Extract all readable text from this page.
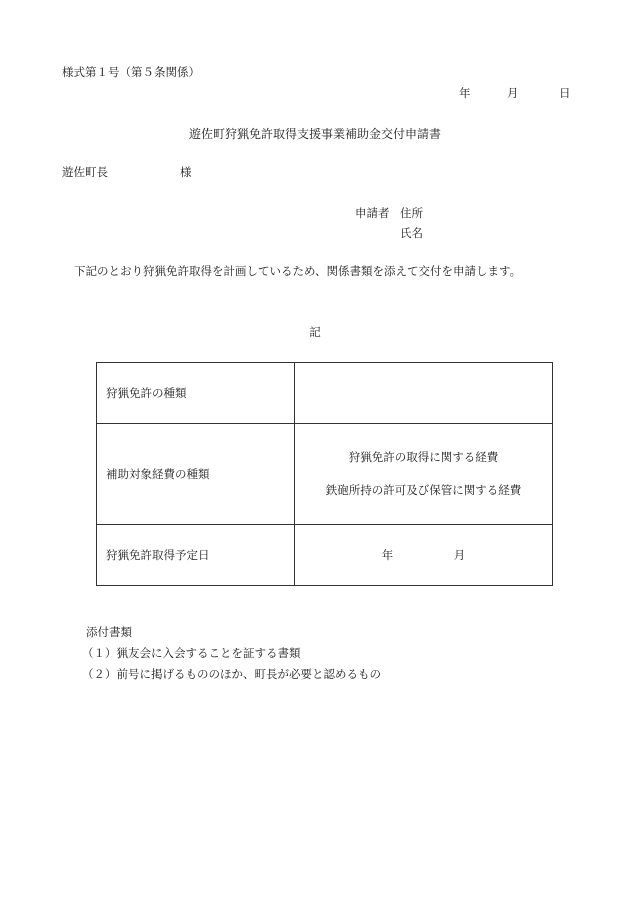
様式第１号（第５条関係）
年	月	日
遊佐町狩猟免許取得支援事業補助金交付申請書
遊佐町長	様
申請者 住所
氏名
下記のとおり狩猟免許取得を計画しているため、関係書類を添えて交付を申請します。
記
狩猟免許の種類	
補助対象経費の種類	狩猟免許の取得に関する経費
鉄砲所持の許可及び保管に関する経費

狩猟免許取得予定日	年 月
添付書類
（１）猟友会に入会することを証する書類
（２）前号に掲げるもののほか、町長が必要と認めるもの
